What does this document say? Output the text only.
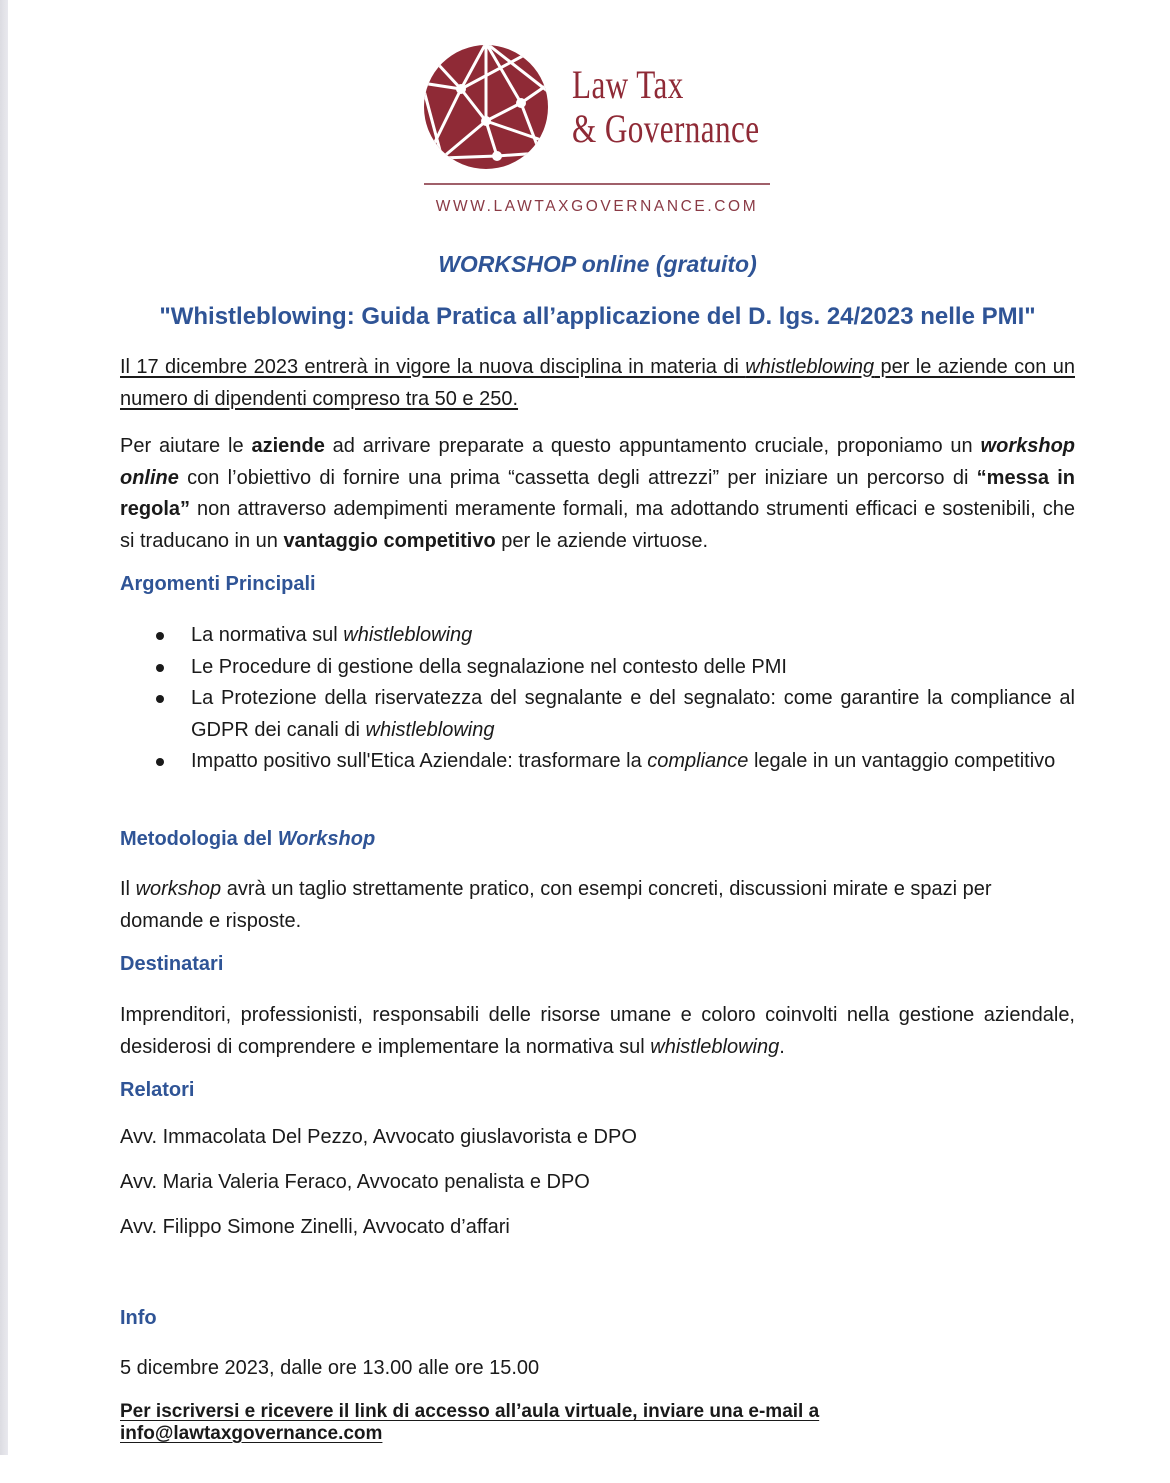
Law Tax
& Governance
WWW.LAWTAXGOVERNANCE.COM
WORKSHOP online (gratuito)
"Whistleblowing: Guida Pratica all’applicazione del D. lgs. 24/2023 nelle PMI"
Il 17 dicembre 2023 entrerà in vigore la nuova disciplina in materia di whistleblowing per le aziende con un numero di dipendenti compreso tra 50 e 250.
Per aiutare le aziende ad arrivare preparate a questo appuntamento cruciale, proponiamo un workshop online con l’obiettivo di fornire una prima “cassetta degli attrezzi” per iniziare un percorso di “messa in regola” non attraverso adempimenti meramente formali, ma adottando strumenti efficaci e sostenibili, che si traducano in un vantaggio competitivo per le aziende virtuose.
Argomenti Principali
La normativa sul whistleblowing
Le Procedure di gestione della segnalazione nel contesto delle PMI
La Protezione della riservatezza del segnalante e del segnalato: come garantire la compliance al GDPR dei canali di whistleblowing
Impatto positivo sull'Etica Aziendale: trasformare la compliance legale in un vantaggio competitivo
Metodologia del Workshop
Il workshop avrà un taglio strettamente pratico, con esempi concreti, discussioni mirate e spazi per domande e risposte.
Destinatari
Imprenditori, professionisti, responsabili delle risorse umane e coloro coinvolti nella gestione aziendale, desiderosi di comprendere e implementare la normativa sul whistleblowing.
Relatori
Avv. Immacolata Del Pezzo, Avvocato giuslavorista e DPO
Avv. Maria Valeria Feraco, Avvocato penalista e DPO
Avv. Filippo Simone Zinelli, Avvocato d’affari
Info
5 dicembre 2023, dalle ore 13.00 alle ore 15.00
Per iscriversi e ricevere il link di accesso all’aula virtuale, inviare una e-mail a info@lawtaxgovernance.com
